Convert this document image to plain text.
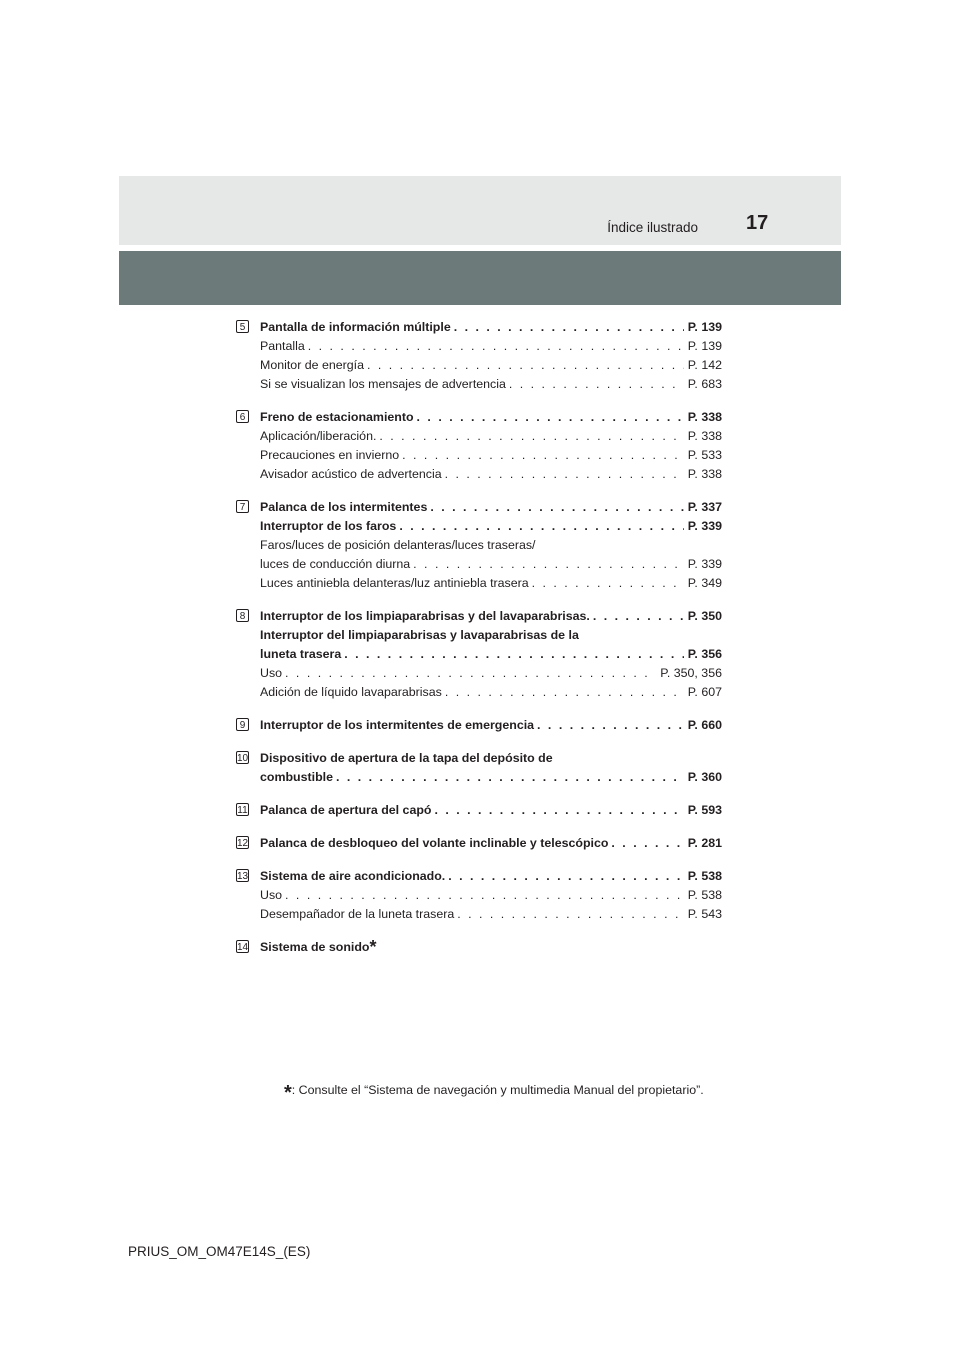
Índice ilustrado 17
5 Pantalla de información múltiple . . .	P. 139
Pantalla . . .	P. 139
Monitor de energía . . .	P. 142
Si se visualizan los mensajes de advertencia . . .	P. 683
6 Freno de estacionamiento . . .	P. 338
Aplicación/liberación. . . .	P. 338
Precauciones en invierno . . .	P. 533
Avisador acústico de advertencia . . .	P. 338
7 Palanca de los intermitentes . . .	P. 337
Interruptor de los faros . . .	P. 339
Faros/luces de posición delanteras/luces traseras/
luces de conducción diurna . . .	P. 339
Luces antiniebla delanteras/luz antiniebla trasera . . .	P. 349
8 Interruptor de los limpiaparabrisas y del lavaparabrisas. . . .	P. 350
Interruptor del limpiaparabrisas y lavaparabrisas de la
luneta trasera . . .	P. 356
Uso . . .	P. 350, 356
Adición de líquido lavaparabrisas . . .	P. 607
9 Interruptor de los intermitentes de emergencia . . .	P. 660
10 Dispositivo de apertura de la tapa del depósito de
combustible . . .	P. 360
11 Palanca de apertura del capó . . .	P. 593
12 Palanca de desbloqueo del volante inclinable y telescópico . . .	P. 281
13 Sistema de aire acondicionado. . . .	P. 538
Uso . . .	P. 538
Desempañador de la luneta trasera . . .	P. 543
14 Sistema de sonido*
*: Consulte el “Sistema de navegación y multimedia Manual del propietario”.
PRIUS_OM_OM47E14S_(ES)
